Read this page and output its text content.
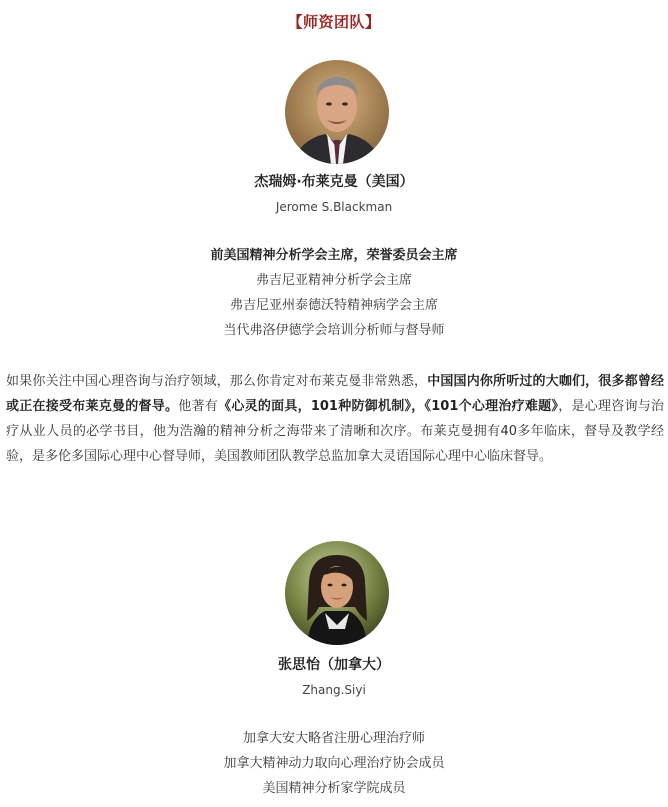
【师资团队】
杰瑞姆·布莱克曼（美国）
Jerome S.Blackman
前美国精神分析学会主席，荣誉委员会主席
弗吉尼亚精神分析学会主席
弗吉尼亚州泰德沃特精神病学会主席
当代弗洛伊德学会培训分析师与督导师
如果你关注中国心理咨询与治疗领域，那么你肯定对布莱克曼非常熟悉，中国国内你所听过的大咖们，很多都曾经或正在接受布莱克曼的督导。他著有《心灵的面具，101种防御机制》，《101个心理治疗难题》，是心理咨询与治疗从业人员的必学书目，他为浩瀚的精神分析之海带来了清晰和次序。布莱克曼拥有40多年临床，督导及教学经验，是多伦多国际心理中心督导师，美国教师团队教学总监加拿大灵语国际心理中心临床督导。
张思怡（加拿大）
Zhang.Siyi
加拿大安大略省注册心理治疗师
加拿大精神动力取向心理治疗协会成员
美国精神分析家学院成员
